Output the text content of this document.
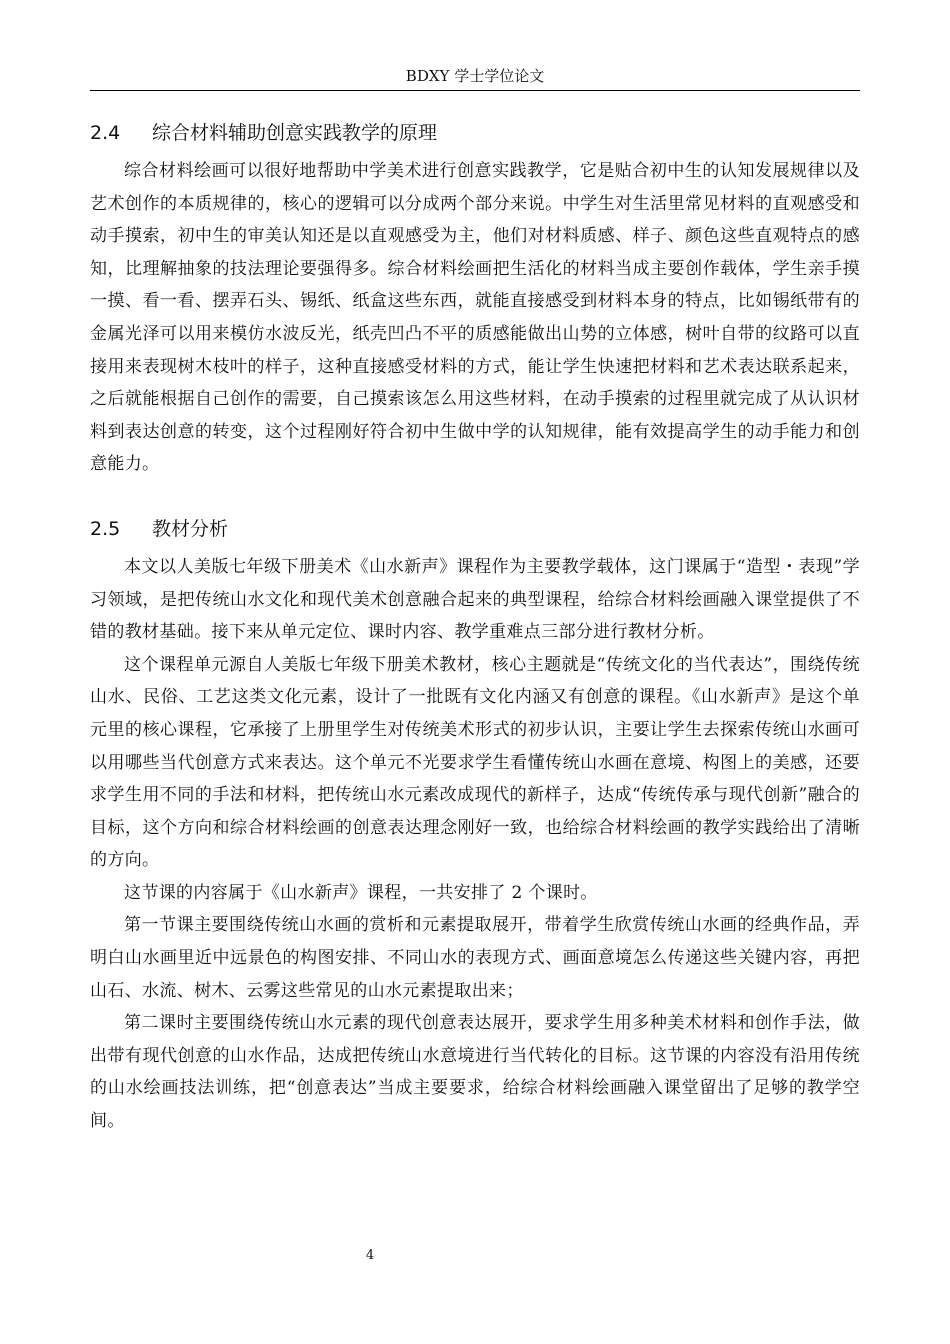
BDXY 学士学位论文
2.4 综合材料辅助创意实践教学的原理

综合材料绘画可以很好地帮助中学美术进行创意实践教学，它是贴合初中生的认知发展规律以及艺术创作的本质规律的，核心的逻辑可以分成两个部分来说。中学生对生活里常见材料的直观感受和动手摸索，初中生的审美认知还是以直观感受为主，他们对材料质感、样子、颜色这些直观特点的感知，比理解抽象的技法理论要强得多。综合材料绘画把生活化的材料当成主要创作载体，学生亲手摸一摸、看一看、摆弄石头、锡纸、纸盒这些东西，就能直接感受到材料本身的特点，比如锡纸带有的金属光泽可以用来模仿水波反光，纸壳凹凸不平的质感能做出山势的立体感，树叶自带的纹路可以直接用来表现树木枝叶的样子，这种直接感受材料的方式，能让学生快速把材料和艺术表达联系起来，之后就能根据自己创作的需要，自己摸索该怎么用这些材料，在动手摸索的过程里就完成了从认识材料到表达创意的转变，这个过程刚好符合初中生做中学的认知规律，能有效提高学生的动手能力和创意能力。

2.5 教材分析

本文以人美版七年级下册美术《山水新声》课程作为主要教学载体，这门课属于“造型・表现”学习领域，是把传统山水文化和现代美术创意融合起来的典型课程，给综合材料绘画融入课堂提供了不错的教材基础。接下来从单元定位、课时内容、教学重难点三部分进行教材分析。

这个课程单元源自人美版七年级下册美术教材，核心主题就是“传统文化的当代表达”，围绕传统山水、民俗、工艺这类文化元素，设计了一批既有文化内涵又有创意的课程。《山水新声》是这个单元里的核心课程，它承接了上册里学生对传统美术形式的初步认识，主要让学生去探索传统山水画可以用哪些当代创意方式来表达。这个单元不光要求学生看懂传统山水画在意境、构图上的美感，还要求学生用不同的手法和材料，把传统山水元素改成现代的新样子，达成“传统传承与现代创新”融合的目标，这个方向和综合材料绘画的创意表达理念刚好一致，也给综合材料绘画的教学实践给出了清晰的方向。

这节课的内容属于《山水新声》课程，一共安排了 2 个课时。

第一节课主要围绕传统山水画的赏析和元素提取展开，带着学生欣赏传统山水画的经典作品，弄明白山水画里近中远景色的构图安排、不同山水的表现方式、画面意境怎么传递这些关键内容，再把山石、水流、树木、云雾这些常见的山水元素提取出来；

第二课时主要围绕传统山水元素的现代创意表达展开，要求学生用多种美术材料和创作手法，做出带有现代创意的山水作品，达成把传统山水意境进行当代转化的目标。这节课的内容没有沿用传统的山水绘画技法训练，把“创意表达”当成主要要求，给综合材料绘画融入课堂留出了足够的教学空间。

4
